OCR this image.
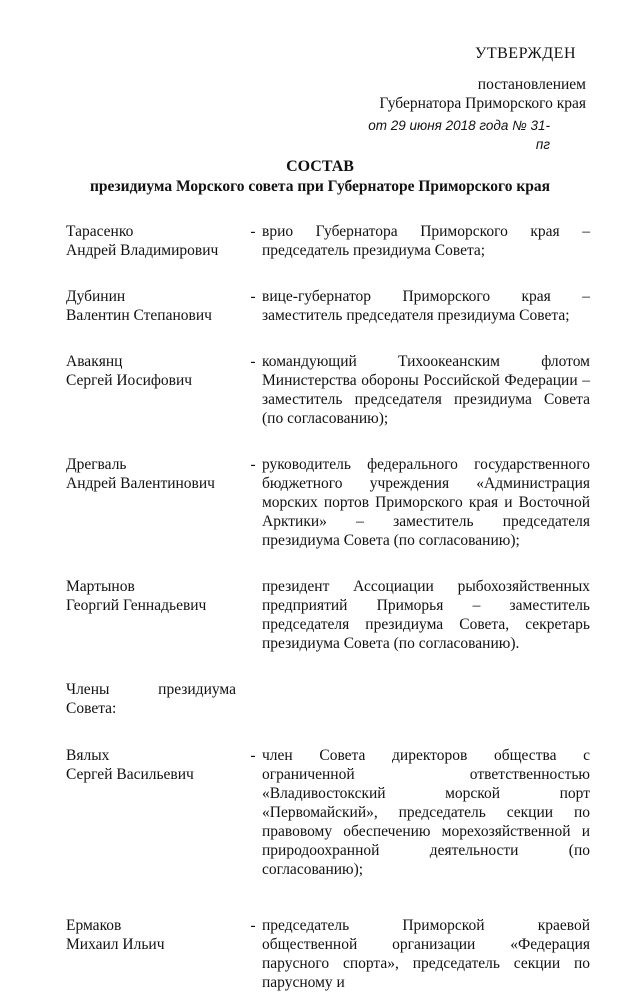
УТВЕРЖДЕН
постановлением
Губернатора Приморского края
от 29 июня 2018 года № 31-пг
СОСТАВ
президиума Морского совета при Губернаторе Приморского края
Тарасенко
Андрей Владимирович
- врио Губернатора Приморского края – председатель президиума Совета;
Дубинин
Валентин Степанович
- вице-губернатор Приморского края – заместитель председателя президиума Совета;
Авакянц
Сергей Иосифович
- командующий Тихоокеанским флотом Министерства обороны Российской Федерации – заместитель председателя президиума Совета (по согласованию);
Дрегваль
Андрей Валентинович
- руководитель федерального государственного бюджетного учреждения «Администрация морских портов Приморского края и Восточной Арктики» – заместитель председателя президиума Совета (по согласованию);
Мартынов
Георгий Геннадьевич
президент Ассоциации рыбохозяйственных предприятий Приморья – заместитель председателя президиума Совета, секретарь президиума Совета (по согласованию).
Члены президиума
Совета:
Вялых
Сергей Васильевич
- член Совета директоров общества с ограниченной ответственностью «Владивостокский морской порт «Первомайский», председатель секции по правовому обеспечению морехозяйственной и природоохранной деятельности (по согласованию);
Ермаков
Михаил Ильич
- председатель Приморской краевой общественной организации «Федерация парусного спорта», председатель секции по парусному и
